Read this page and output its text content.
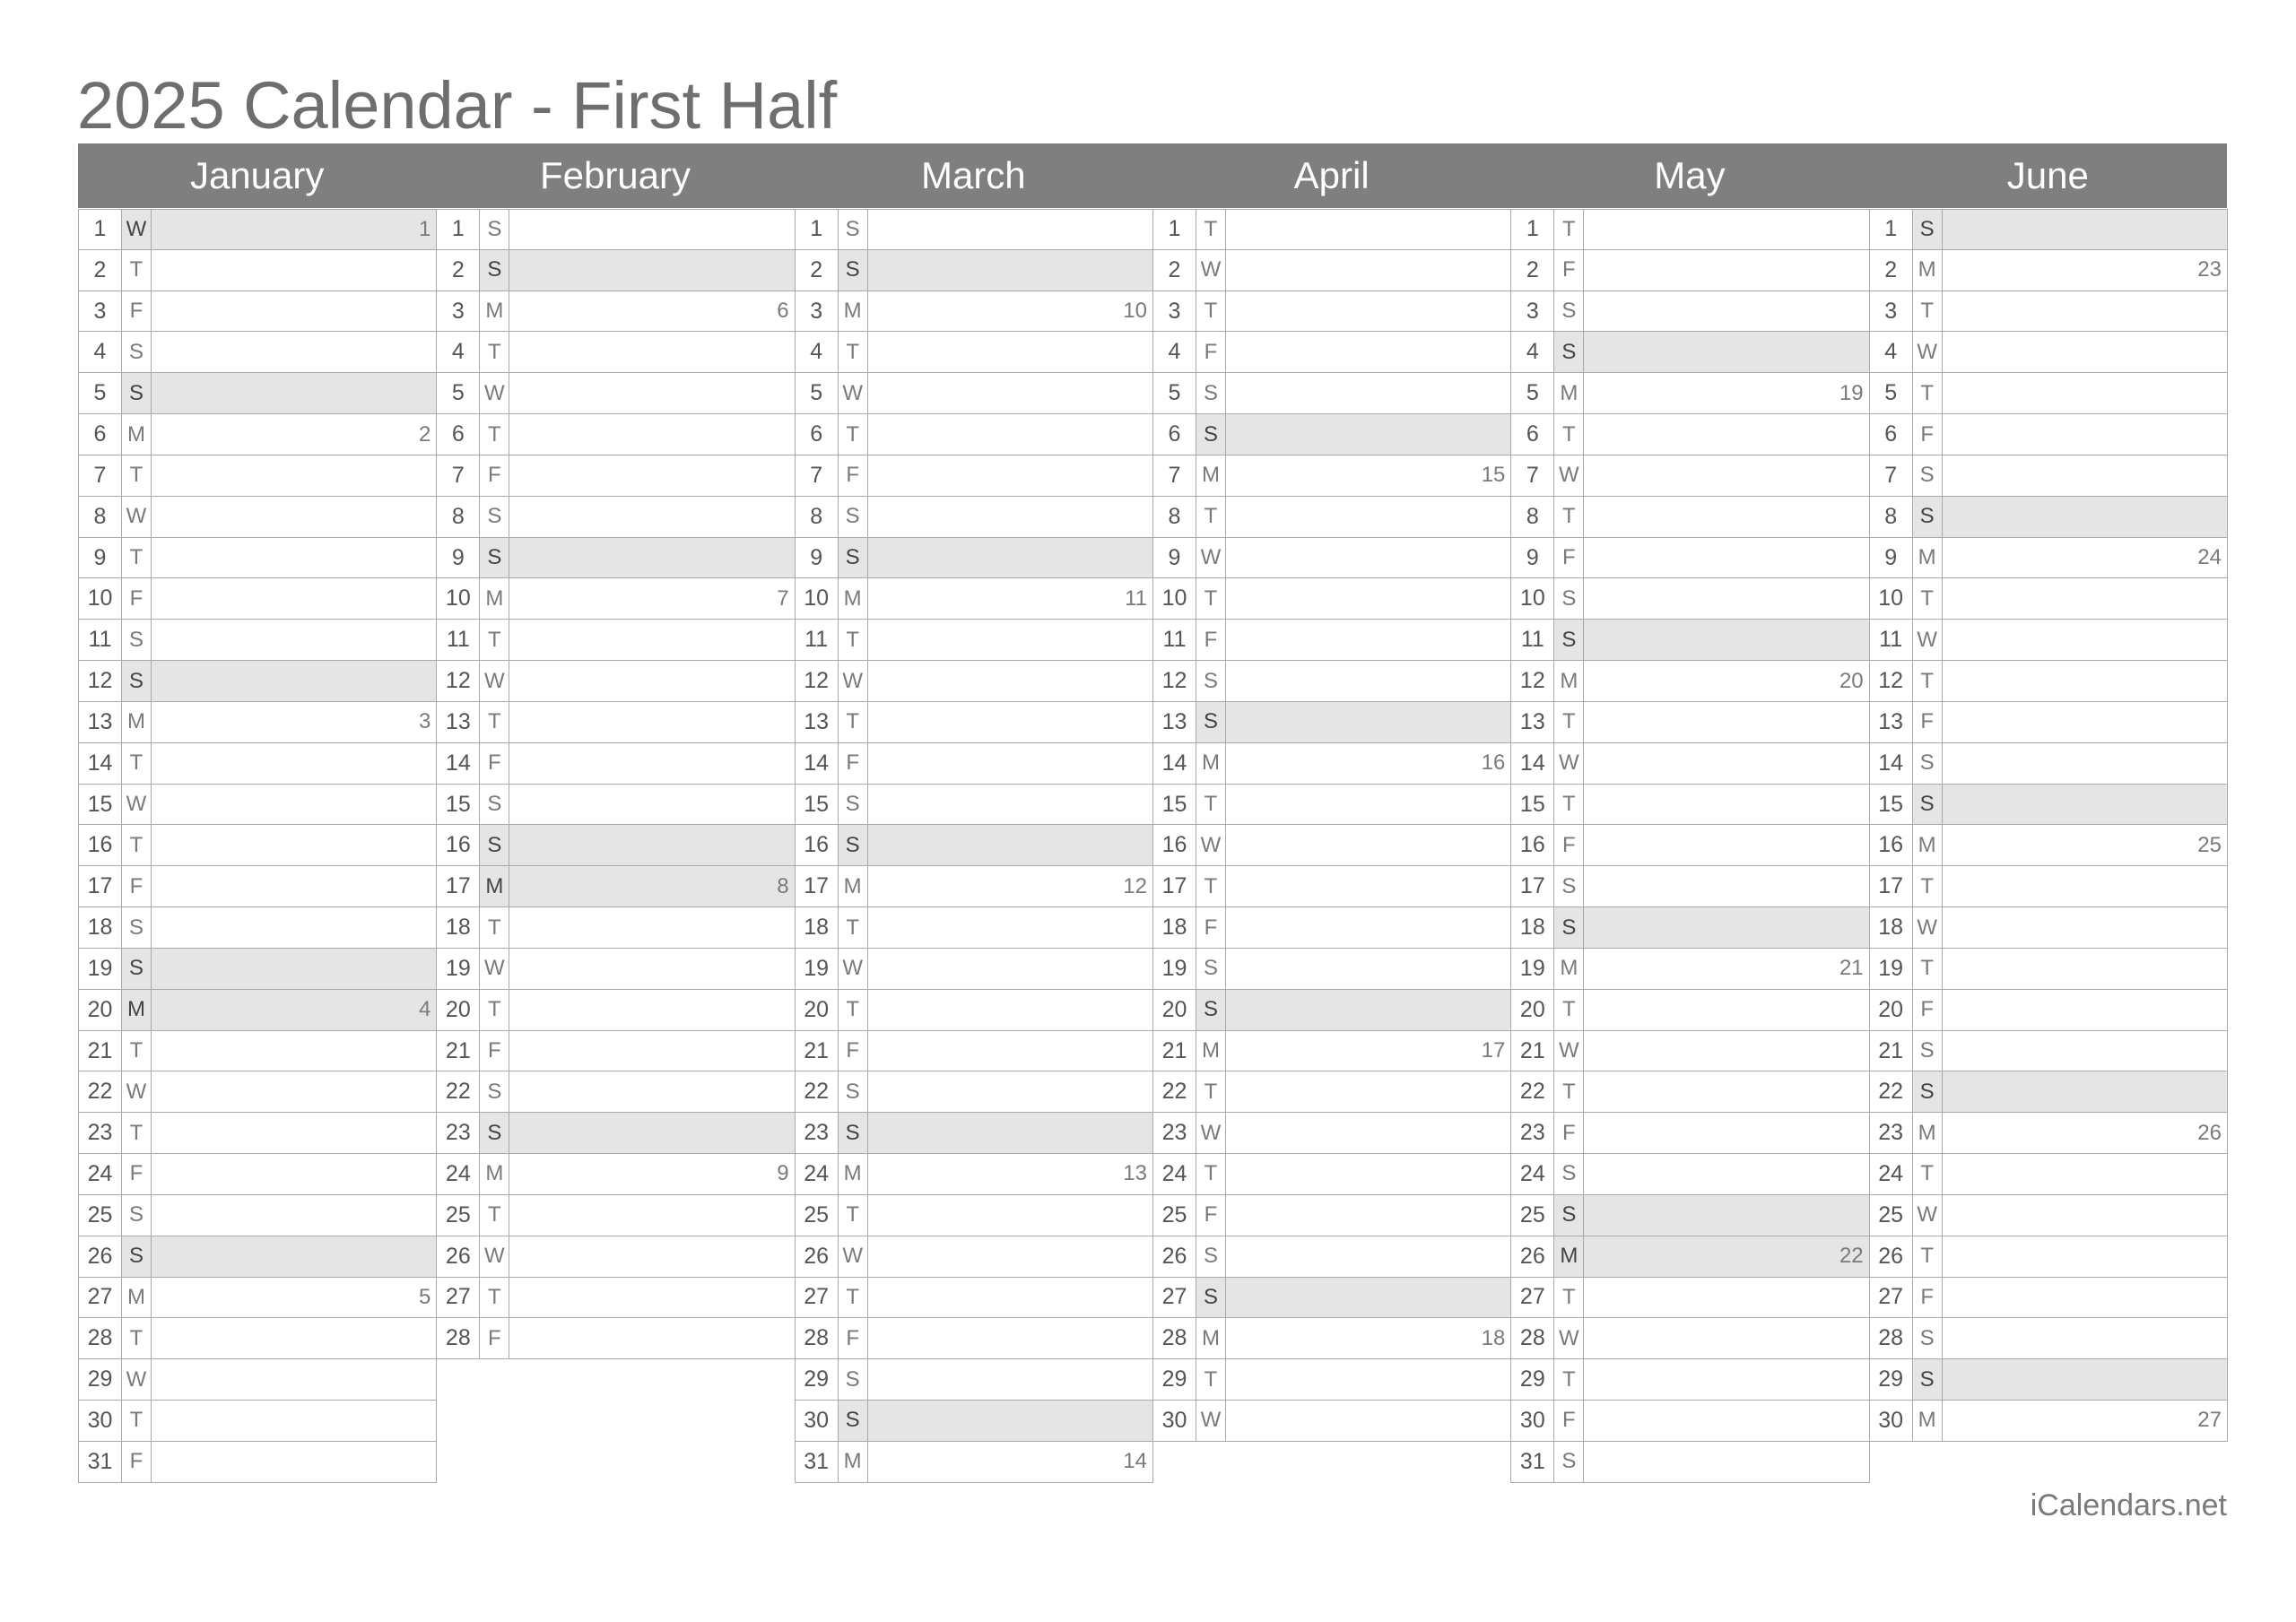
2025 Calendar - First Half
January	February	March	April	May	June
1 W	1
2	T
3	F
4	S
5	S
6 M	2
7	T
8 W
9	T
10 F
11 S
12 S
13 M	3
14 T
15 W
16 T
17 F
18 S
19 S
20 M	4
21 T
22 W
23 T
24 F
25 S
26 S
27 M	5
28 T
29 W
30 T
31 F
1	S
2	S
3 M	6
4	T
5 W
6	T
7	F
8	S
9	S
10 M	7
11 T
12 W
13 T
14 F
15 S
16 S
17 M	8
18 T
19 W
20 T
21 F
22 S
23 S
24 M	9
25 T
26 W
27 T
28 F
1	S
2	S
3 M	10
4	T
5 W
6	T
7	F
8	S
9	S
10 M	11
11 T
12 W
13 T
14 F
15 S
16 S
17 M	12
18 T
19 W
20 T
21 F
22 S
23 S
24 M	13
25 T
26 W
27 T
28 F
29 S
30 S
31 M	14
1	T
2 W
3	T
4	F
5	S
6	S
7 M	15
8	T
9 W
10 T
11 F
12 S
13 S
14 M	16
15 T
16 W
17 T
18 F
19 S
20 S
21 M	17
22 T
23 W
24 T
25 F
26 S
27 S
28 M	18
29 T
30 W
1	T
2	F
3	S
4	S
5 M	19
6	T
7 W
8	T
9	F
10 S
11 S
12 M	20
13 T
14 W
15 T
16 F
17 S
18 S
19 M	21
20 T
21 W
22 T
23 F
24 S
25 S
26 M	22
27 T
28 W
29 T
30 F
31 S
1	S
2 M	23
3	T
4 W
5	T
6	F
7	S
8	S
9 M	24
10 T
11 W
12 T
13 F
14 S
15 S
16 M	25
17 T
18 W
19 T
20 F
21 S
22 S
23 M	26
24 T
25 W
26 T
27 F
28 S
29 S
30 M	27
iCalendars.net
